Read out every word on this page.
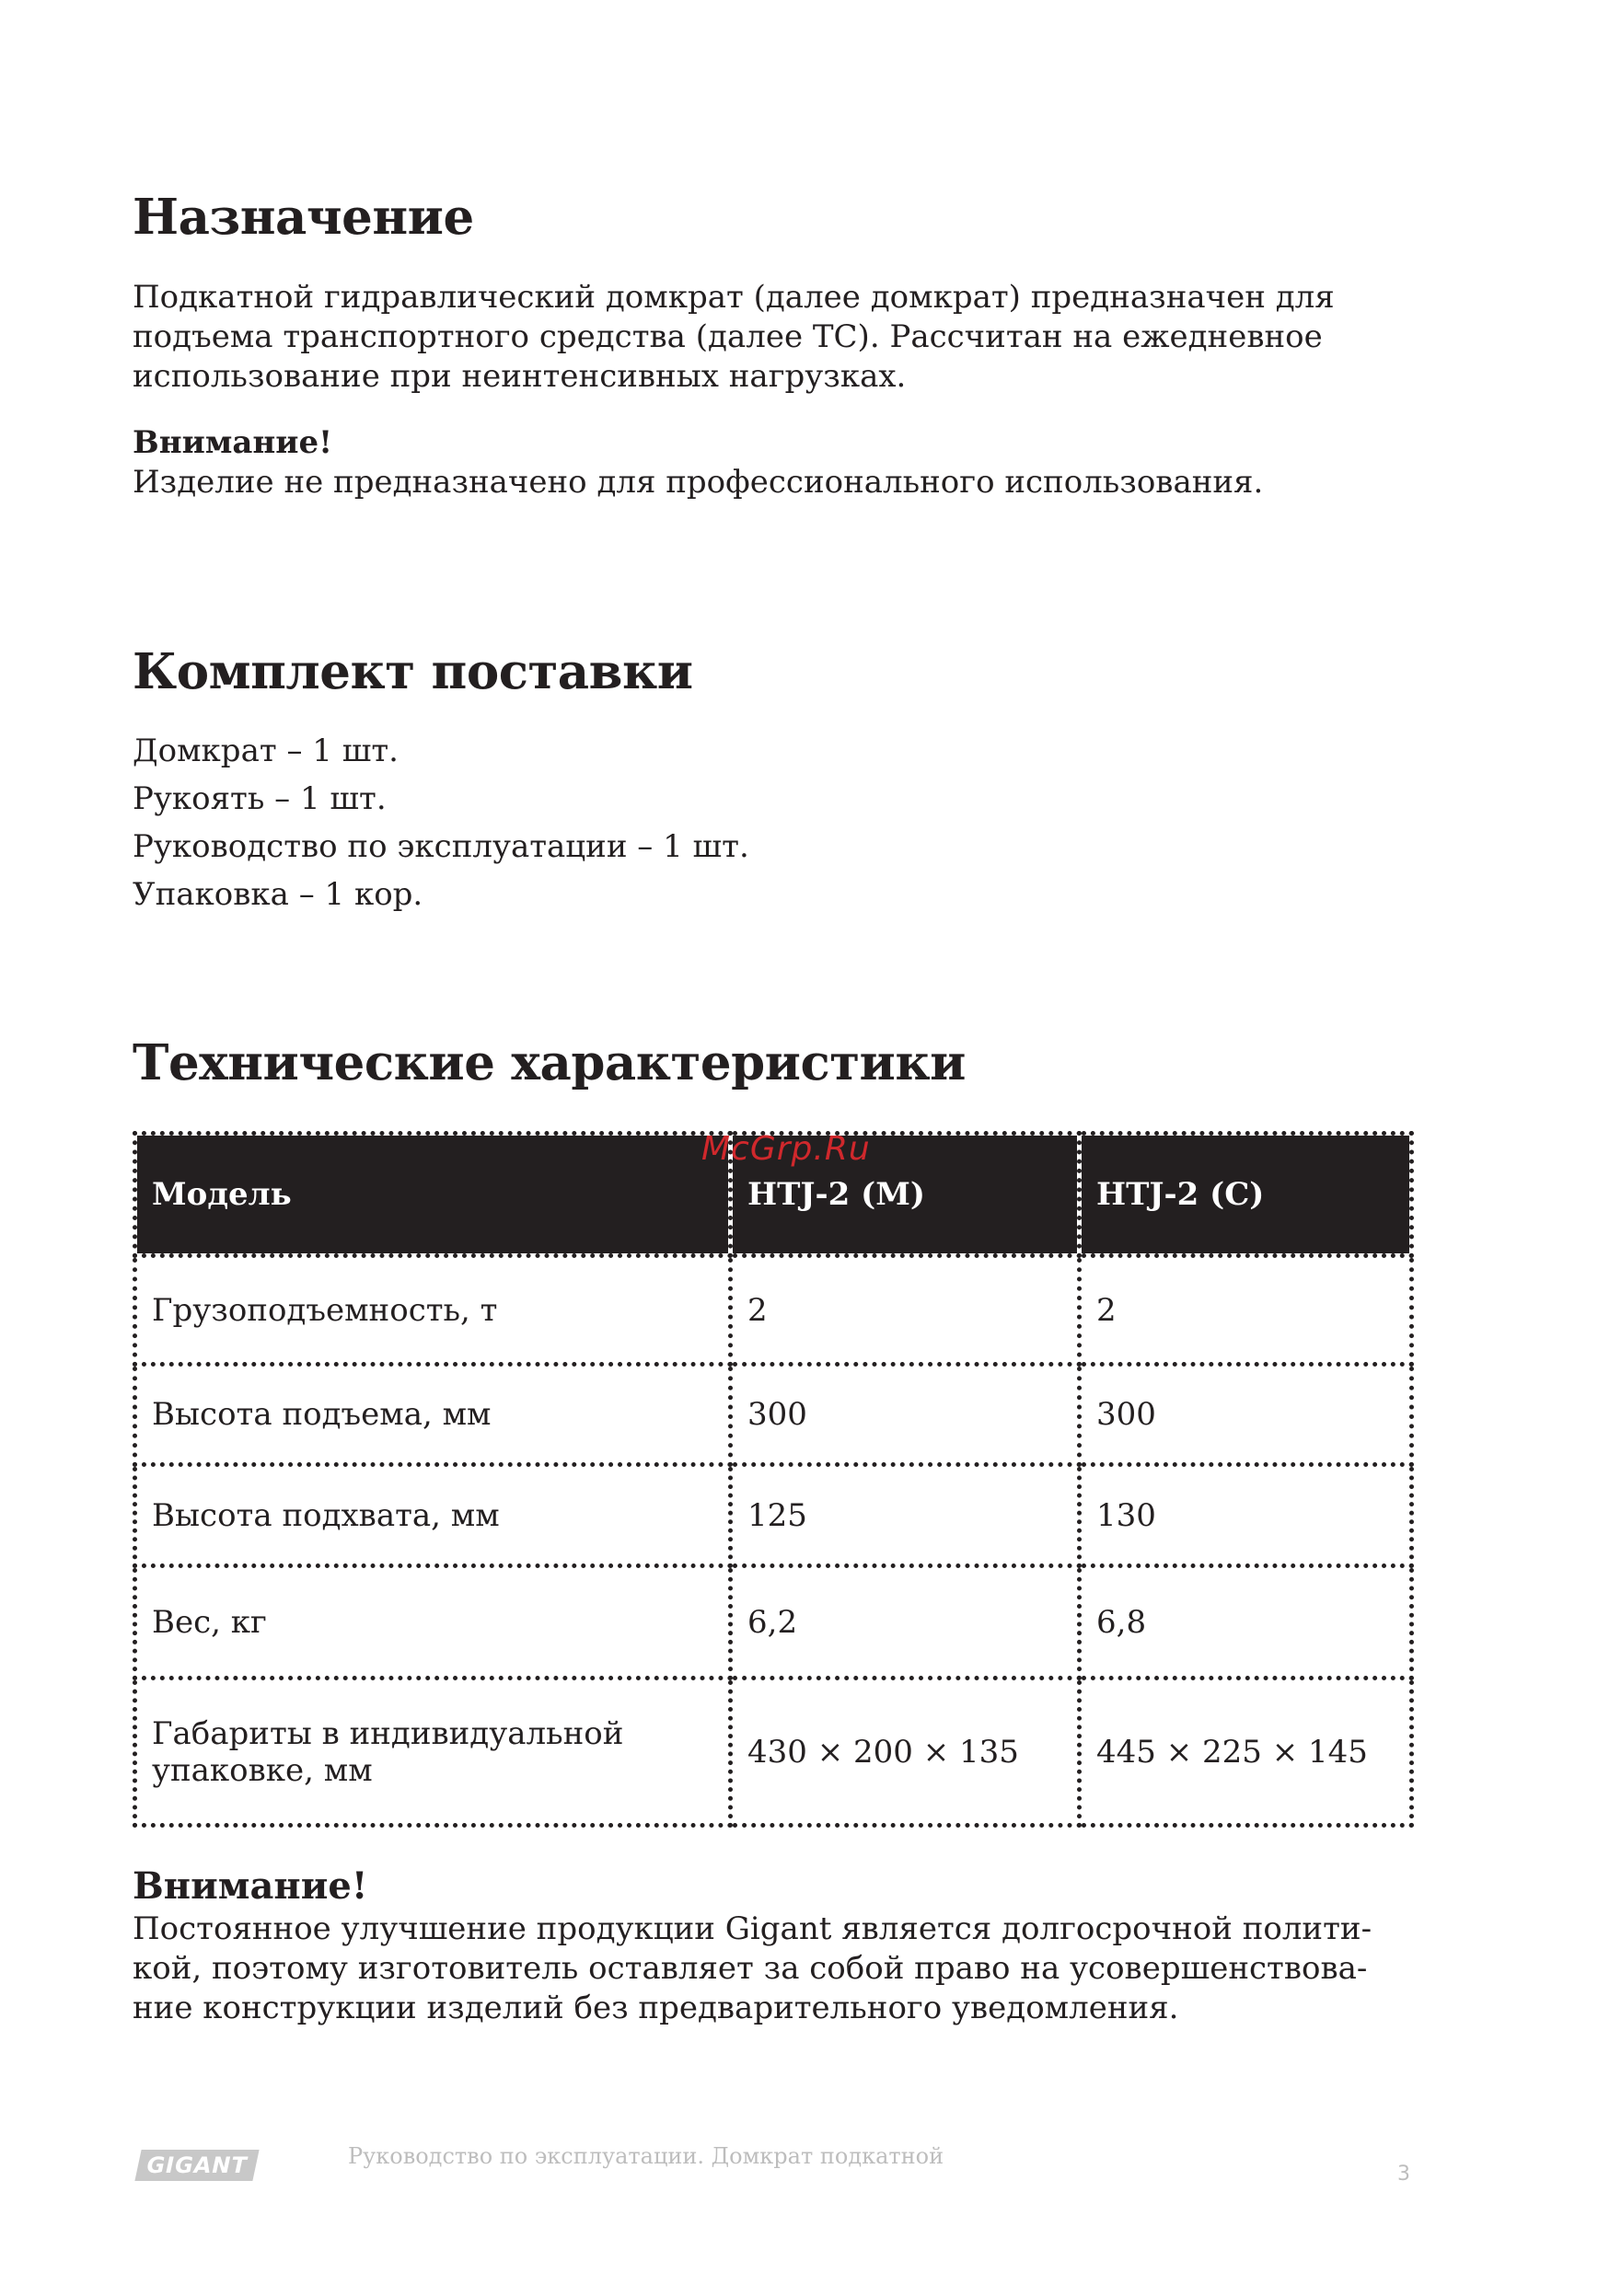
Назначение
Подкатной гидравлический домкрат (далее домкрат) предназначен для
подъема транспортного средства (далее ТС). Рассчитан на ежедневное
использование при неинтенсивных нагрузках.
Внимание!
Изделие не предназначено для профессионального использования.
Комплект поставки
Домкрат – 1 шт.
Рукоять – 1 шт.
Руководство по эксплуатации – 1 шт.
Упаковка – 1 кор.
Технические характеристики
Модель	HTJ-2 (M)	HTJ-2 (C)
Грузоподъемность, т	2	2
Высота подъема, мм	300	300
Высота подхвата, мм	125	130
Вес, кг	6,2	6,8

Габариты в индивидуальной
упаковке, мм	430 × 200 × 135	445 × 225 × 145
McGrp.Ru
Внимание!
Постоянное улучшение продукции Gigant является долгосрочной полити-
кой, поэтому изготовитель оставляет за собой право на усовершенствова-
ние конструкции изделий без предварительного уведомления.
GIGANT	Руководство по эксплуатации. Домкрат подкатной
3
